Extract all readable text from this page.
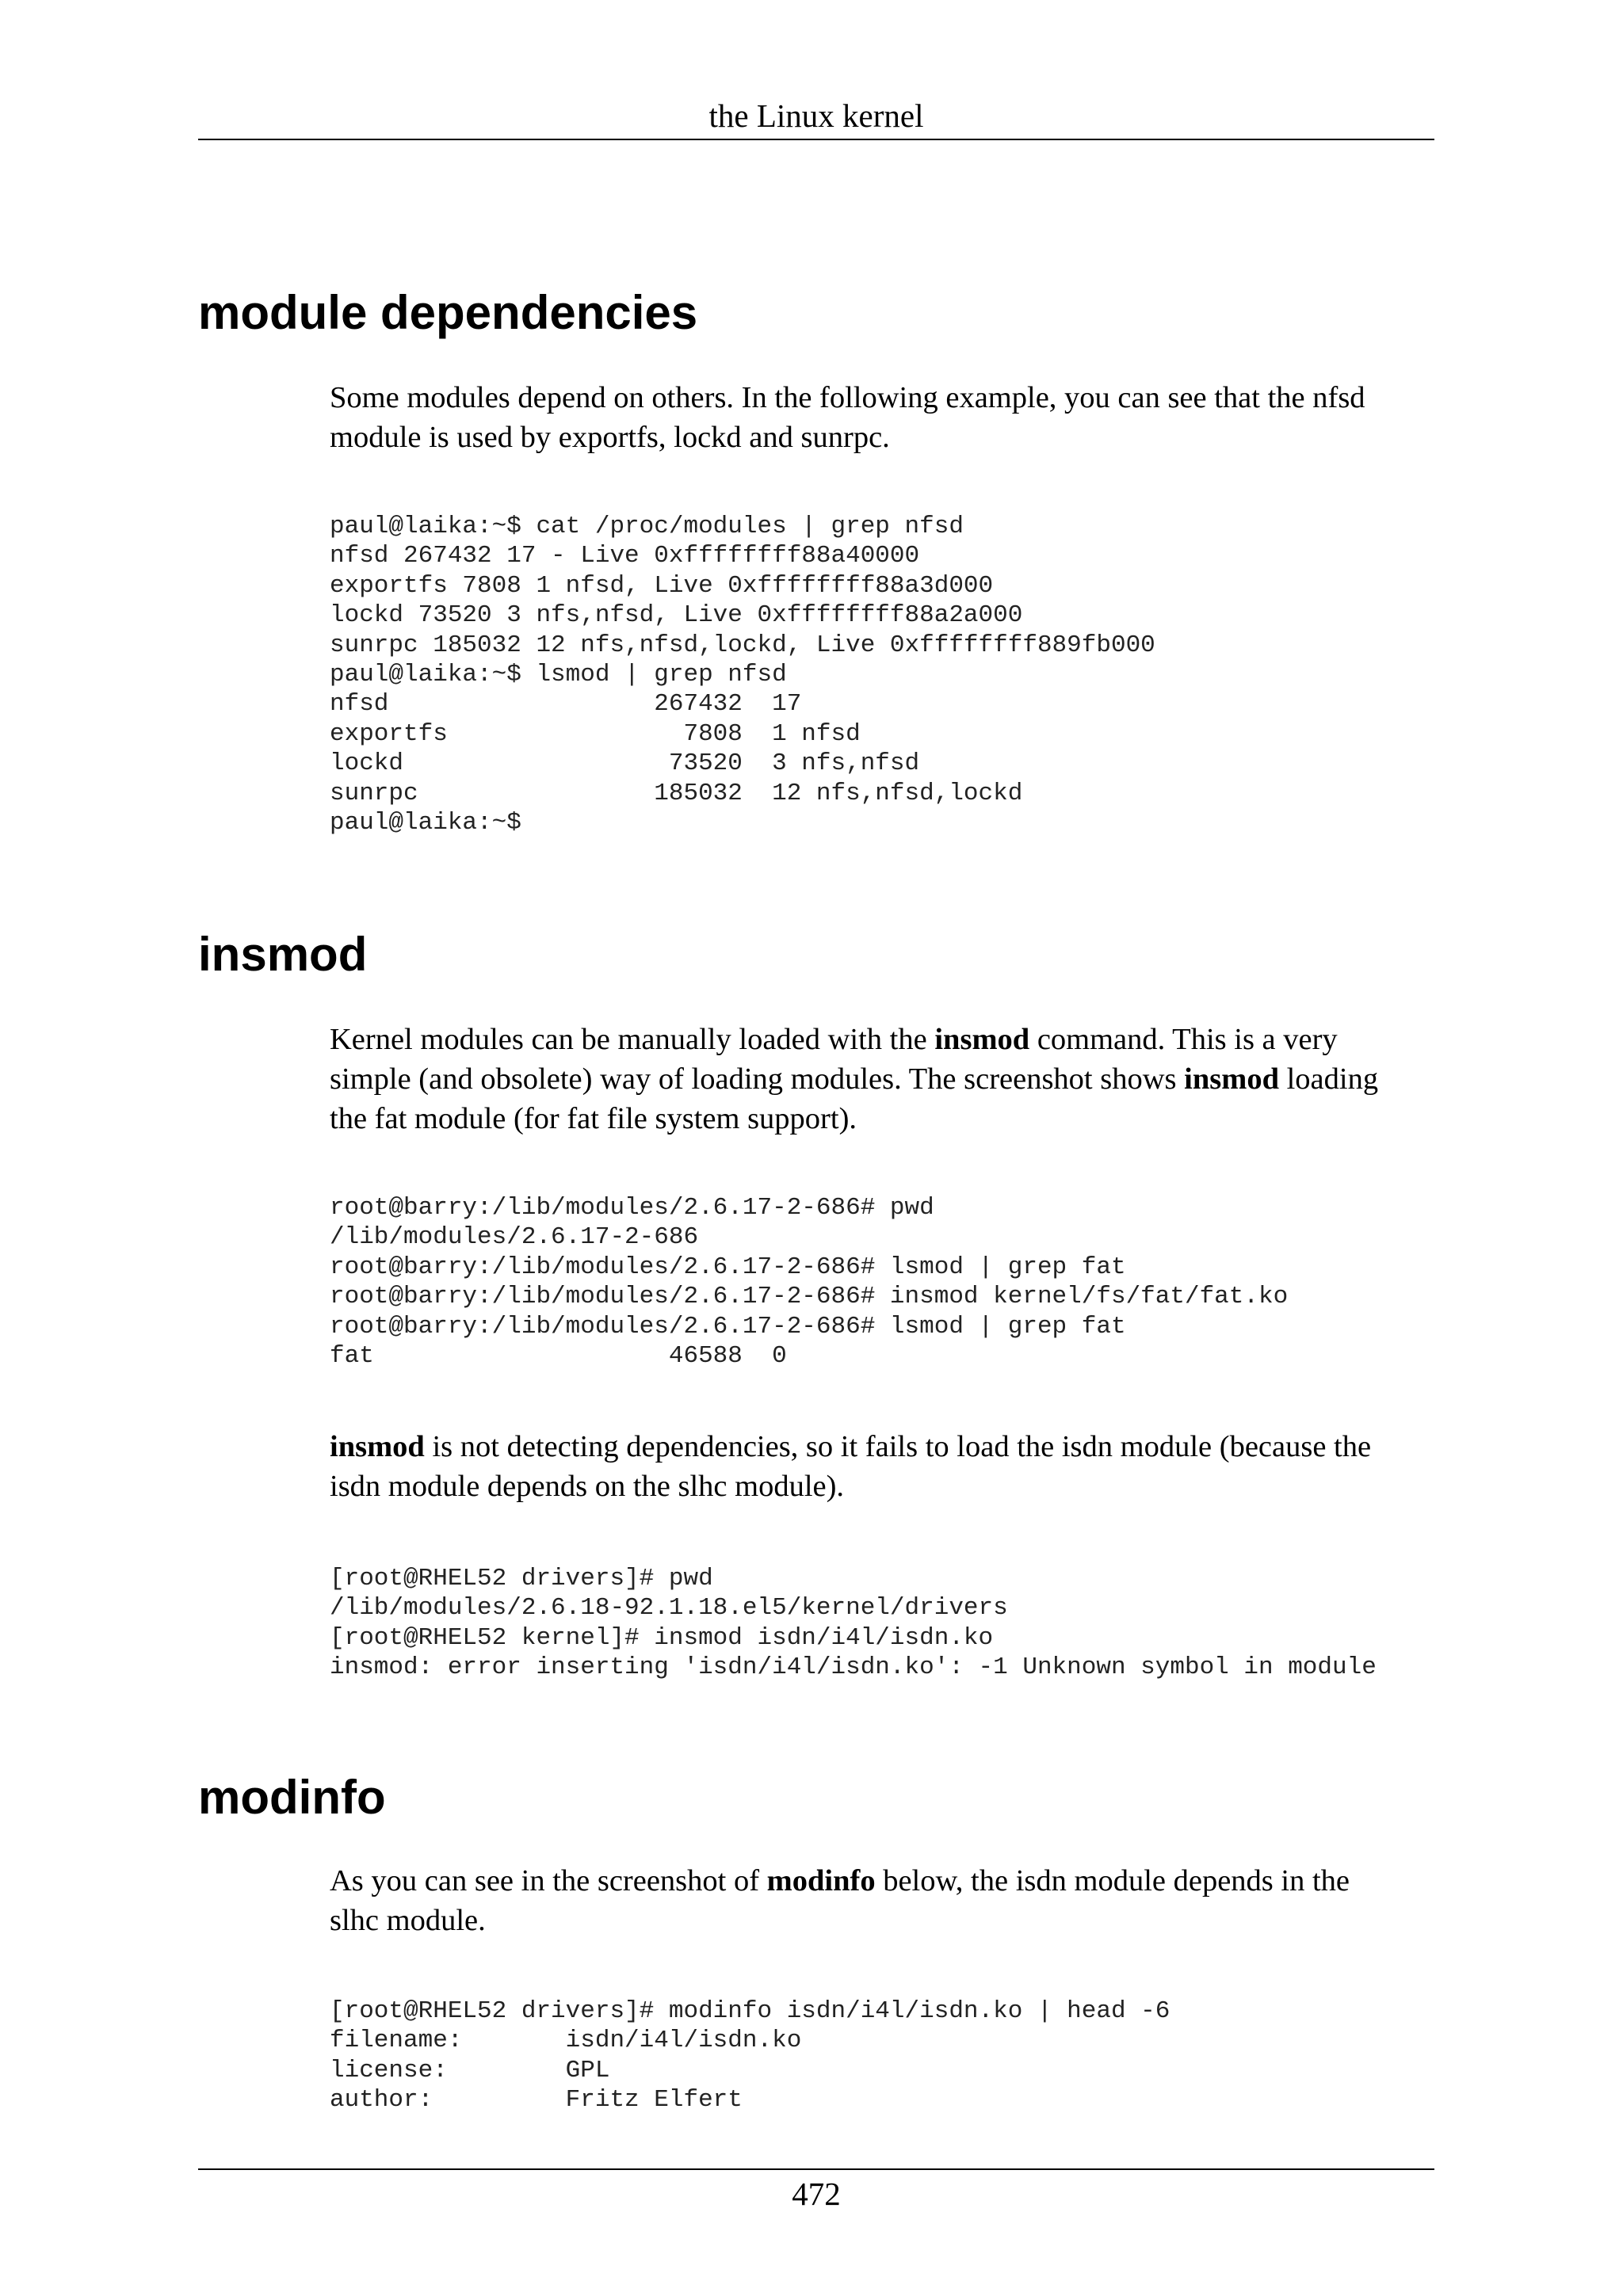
the Linux kernel
module dependencies

Some modules depend on others. In the following example, you can see that the nfsd
module is used by exportfs, lockd and sunrpc.

paul@laika:~$ cat /proc/modules | grep nfsd
nfsd 267432 17 - Live 0xffffffff88a40000
exportfs 7808 1 nfsd, Live 0xffffffff88a3d000
lockd 73520 3 nfs,nfsd, Live 0xffffffff88a2a000
sunrpc 185032 12 nfs,nfsd,lockd, Live 0xffffffff889fb000
paul@laika:~$ lsmod | grep nfsd
nfsd                  267432  17
exportfs                7808  1 nfsd
lockd                  73520  3 nfs,nfsd
sunrpc                185032  12 nfs,nfsd,lockd
paul@laika:~$
insmod

Kernel modules can be manually loaded with the insmod command. This is a very
simple (and obsolete) way of loading modules. The screenshot shows insmod loading
the fat module (for fat file system support).

root@barry:/lib/modules/2.6.17-2-686# pwd
/lib/modules/2.6.17-2-686
root@barry:/lib/modules/2.6.17-2-686# lsmod | grep fat
root@barry:/lib/modules/2.6.17-2-686# insmod kernel/fs/fat/fat.ko
root@barry:/lib/modules/2.6.17-2-686# lsmod | grep fat
fat                    46588  0

insmod is not detecting dependencies, so it fails to load the isdn module (because the
isdn module depends on the slhc module).

[root@RHEL52 drivers]# pwd
/lib/modules/2.6.18-92.1.18.el5/kernel/drivers
[root@RHEL52 kernel]# insmod isdn/i4l/isdn.ko
insmod: error inserting 'isdn/i4l/isdn.ko': -1 Unknown symbol in module
modinfo

As you can see in the screenshot of modinfo below, the isdn module depends in the
slhc module.

[root@RHEL52 drivers]# modinfo isdn/i4l/isdn.ko | head -6
filename:       isdn/i4l/isdn.ko
license:        GPL
author:         Fritz Elfert
472
